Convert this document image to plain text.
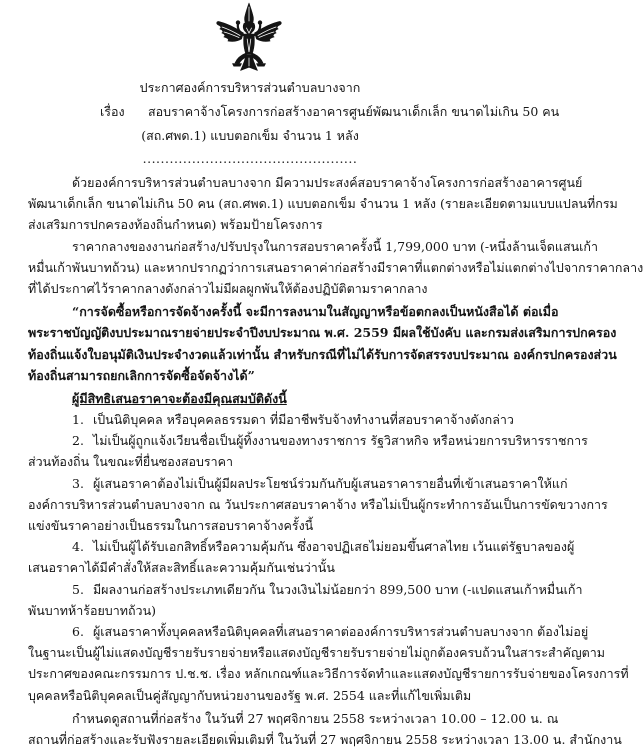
ประกาศองค์การบริหารส่วนตำบลบางจาก
เรื่อง สอบราคาจ้างโครงการก่อสร้างอาคารศูนย์พัฒนาเด็กเล็ก ขนาดไม่เกิน 50 คน
(สถ.ศพด.1) แบบตอกเข็ม จำนวน 1 หลัง
................................................
ด้วยองค์การบริหารส่วนตำบลบางจาก มีความประสงค์สอบราคาจ้างโครงการก่อสร้างอาคารศูนย์
พัฒนาเด็กเล็ก ขนาดไม่เกิน 50 คน (สถ.ศพด.1) แบบตอกเข็ม จำนวน 1 หลัง (รายละเอียดตามแบบแปลนที่กรม
ส่งเสริมการปกครองท้องถิ่นกำหนด) พร้อมป้ายโครงการ
ราคากลางของงานก่อสร้าง/ปรับปรุงในการสอบราคาครั้งนี้ 1,799,000 บาท (-หนึ่งล้านเจ็ดแสนเก้า
หมื่นเก้าพันบาทถ้วน) และหากปรากฏว่าการเสนอราคาค่าก่อสร้างมีราคาที่แตกต่างหรือไม่แตกต่างไปจากราคากลาง
ที่ได้ประกาศไว้ราคากลางดังกล่าวไม่มีผลผูกพันให้ต้องปฏิบัติตามราคากลาง
“การจัดซื้อหรือการจัดจ้างครั้งนี้ จะมีการลงนามในสัญญาหรือข้อตกลงเป็นหนังสือได้ ต่อเมื่อ
พระราชบัญญัติงบประมาณรายจ่ายประจำปีงบประมาณ พ.ศ. 2559 มีผลใช้บังคับ และกรมส่งเสริมการปกครอง
ท้องถิ่นแจ้งใบอนุมัติเงินประจำงวดแล้วเท่านั้น สำหรับกรณีที่ไม่ได้รับการจัดสรรงบประมาณ องค์กรปกครองส่วน
ท้องถิ่นสามารถยกเลิกการจัดซื้อจัดจ้างได้”
ผู้มีสิทธิเสนอราคาจะต้องมีคุณสมบัติดังนี้
1. เป็นนิติบุคคล หรือบุคคลธรรมดา ที่มีอาชีพรับจ้างทำงานที่สอบราคาจ้างดังกล่าว
2. ไม่เป็นผู้ถูกแจ้งเวียนชื่อเป็นผู้ทิ้งงานของทางราชการ รัฐวิสาหกิจ หรือหน่วยการบริหารราชการ
ส่วนท้องถิ่น ในขณะที่ยื่นซองสอบราคา
3. ผู้เสนอราคาต้องไม่เป็นผู้มีผลประโยชน์ร่วมกันกับผู้เสนอราคารายอื่นที่เข้าเสนอราคาให้แก่
องค์การบริหารส่วนตำบลบางจาก ณ วันประกาศสอบราคาจ้าง หรือไม่เป็นผู้กระทำการอันเป็นการขัดขวางการ
แข่งขันราคาอย่างเป็นธรรมในการสอบราคาจ้างครั้งนี้
4. ไม่เป็นผู้ได้รับเอกสิทธิ์หรือความคุ้มกัน ซึ่งอาจปฏิเสธไม่ยอมขึ้นศาลไทย เว้นแต่รัฐบาลของผู้
เสนอราคาได้มีคำสั่งให้สละสิทธิ์และความคุ้มกันเช่นว่านั้น
5. มีผลงานก่อสร้างประเภทเดียวกัน ในวงเงินไม่น้อยกว่า 899,500 บาท (-แปดแสนเก้าหมื่นเก้า
พันบาทห้าร้อยบาทถ้วน)
6. ผู้เสนอราคาทั้งบุคคลหรือนิติบุคคลที่เสนอราคาต่อองค์การบริหารส่วนตำบลบางจาก ต้องไม่อยู่
ในฐานะเป็นผู้ไม่แสดงบัญชีรายรับรายจ่ายหรือแสดงบัญชีรายรับรายจ่ายไม่ถูกต้องครบถ้วนในสาระสำคัญตาม
ประกาศของคณะกรรมการ ป.ช.ช. เรื่อง หลักเกณฑ์และวิธีการจัดทำและแสดงบัญชีรายการรับจ่ายของโครงการที่
บุคคลหรือนิติบุคคลเป็นคู่สัญญากับหน่วยงานของรัฐ พ.ศ. 2554 และที่แก้ไขเพิ่มเติม
กำหนดดูสถานที่ก่อสร้าง ในวันที่ 27 พฤศจิกายน 2558 ระหว่างเวลา 10.00 – 12.00 น. ณ
สถานที่ก่อสร้างและรับฟังรายละเอียดเพิ่มเติมที่ ในวันที่ 27 พฤศจิกายน 2558 ระหว่างเวลา 13.00 น. สำนักงาน
